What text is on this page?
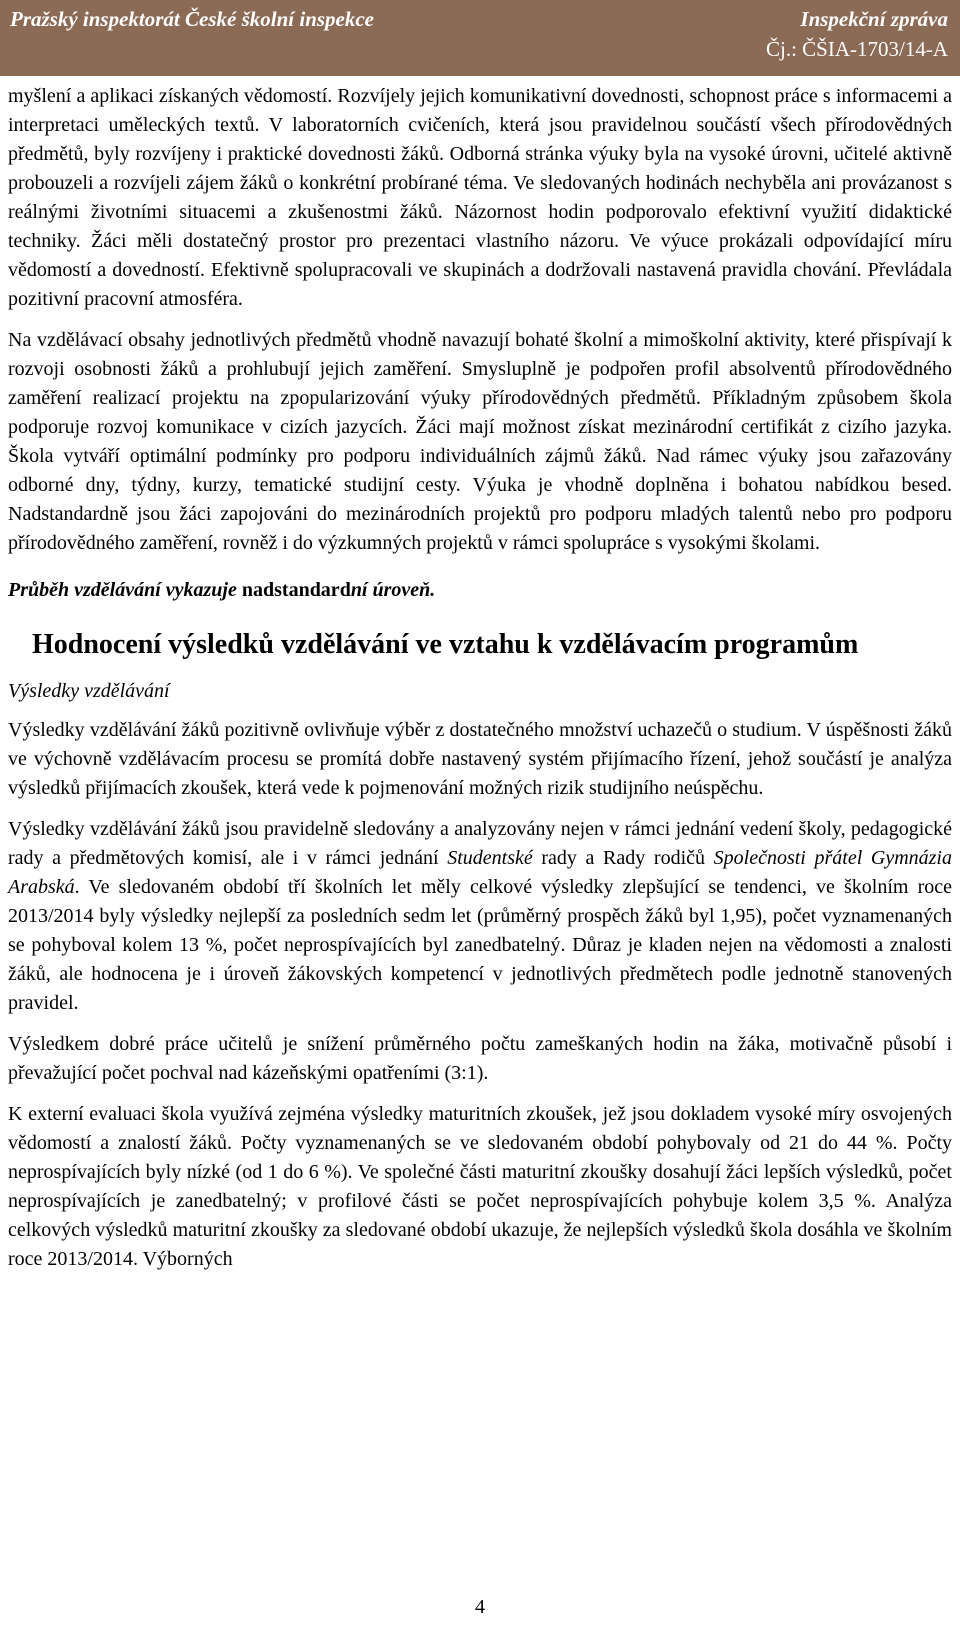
Pražský inspektorát České školní inspekce	Inspekční zpráva
Čj.: ČŠIA-1703/14-A

myšlení a aplikaci získaných vědomostí. Rozvíjely jejich komunikativní dovednosti, schopnost práce s informacemi a interpretaci uměleckých textů. V laboratorních cvičeních, která jsou pravidelnou součástí všech přírodovědných předmětů, byly rozvíjeny i praktické dovednosti žáků. Odborná stránka výuky byla na vysoké úrovni, učitelé aktivně probouzeli a rozvíjeli zájem žáků o konkrétní probírané téma. Ve sledovaných hodinách nechyběla ani provázanost s reálnými životními situacemi a zkušenostmi žáků. Názornost hodin podporovalo efektivní využití didaktické techniky. Žáci měli dostatečný prostor pro prezentaci vlastního názoru. Ve výuce prokázali odpovídající míru vědomostí a dovedností. Efektivně spolupracovali ve skupinách a dodržovali nastavená pravidla chování. Převládala pozitivní pracovní atmosféra.

Na vzdělávací obsahy jednotlivých předmětů vhodně navazují bohaté školní a mimoškolní aktivity, které přispívají k rozvoji osobnosti žáků a prohlubují jejich zaměření. Smysluplně je podpořen profil absolventů přírodovědného zaměření realizací projektu na zpopularizování výuky přírodovědných předmětů. Příkladným způsobem škola podporuje rozvoj komunikace v cizích jazycích. Žáci mají možnost získat mezinárodní certifikát z cizího jazyka. Škola vytváří optimální podmínky pro podporu individuálních zájmů žáků. Nad rámec výuky jsou zařazovány odborné dny, týdny, kurzy, tematické studijní cesty. Výuka je vhodně doplněna i bohatou nabídkou besed. Nadstandardně jsou žáci zapojováni do mezinárodních projektů pro podporu mladých talentů nebo pro podporu přírodovědného zaměření, rovněž i do výzkumných projektů v rámci spolupráce s vysokými školami.

Průběh vzdělávání vykazuje nadstandardní úroveň.
Hodnocení výsledků vzdělávání ve vztahu k vzdělávacím programům
Výsledky vzdělávání

Výsledky vzdělávání žáků pozitivně ovlivňuje výběr z dostatečného množství uchazečů o studium. V úspěšnosti žáků ve výchovně vzdělávacím procesu se promítá dobře nastavený systém přijímacího řízení, jehož součástí je analýza výsledků přijímacích zkoušek, která vede k pojmenování možných rizik studijního neúspěchu.

Výsledky vzdělávání žáků jsou pravidelně sledovány a analyzovány nejen v rámci jednání vedení školy, pedagogické rady a předmětových komisí, ale i v rámci jednání Studentské rady a Rady rodičů Společnosti přátel Gymnázia Arabská. Ve sledovaném období tří školních let měly celkové výsledky zlepšující se tendenci, ve školním roce 2013/2014 byly výsledky nejlepší za posledních sedm let (průměrný prospěch žáků byl 1,95), počet vyznamenaných se pohyboval kolem 13 %, počet neprospívajících byl zanedbatelný. Důraz je kladen nejen na vědomosti a znalosti žáků, ale hodnocena je i úroveň žákovských kompetencí v jednotlivých předmětech podle jednotně stanovených pravidel.

Výsledkem dobré práce učitelů je snížení průměrného počtu zameškaných hodin na žáka, motivačně působí i převažující počet pochval nad kázeňskými opatřeními (3:1).

K externí evaluaci škola využívá zejména výsledky maturitních zkoušek, jež jsou dokladem vysoké míry osvojených vědomostí a znalostí žáků. Počty vyznamenaných se ve sledovaném období pohybovaly od 21 do 44 %. Počty neprospívajících byly nízké (od 1 do 6 %). Ve společné části maturitní zkoušky dosahují žáci lepších výsledků, počet neprospívajících je zanedbatelný; v profilové části se počet neprospívajících pohybuje kolem 3,5 %. Analýza celkových výsledků maturitní zkoušky za sledované období ukazuje, že nejlepších výsledků škola dosáhla ve školním roce 2013/2014. Výborných

4
